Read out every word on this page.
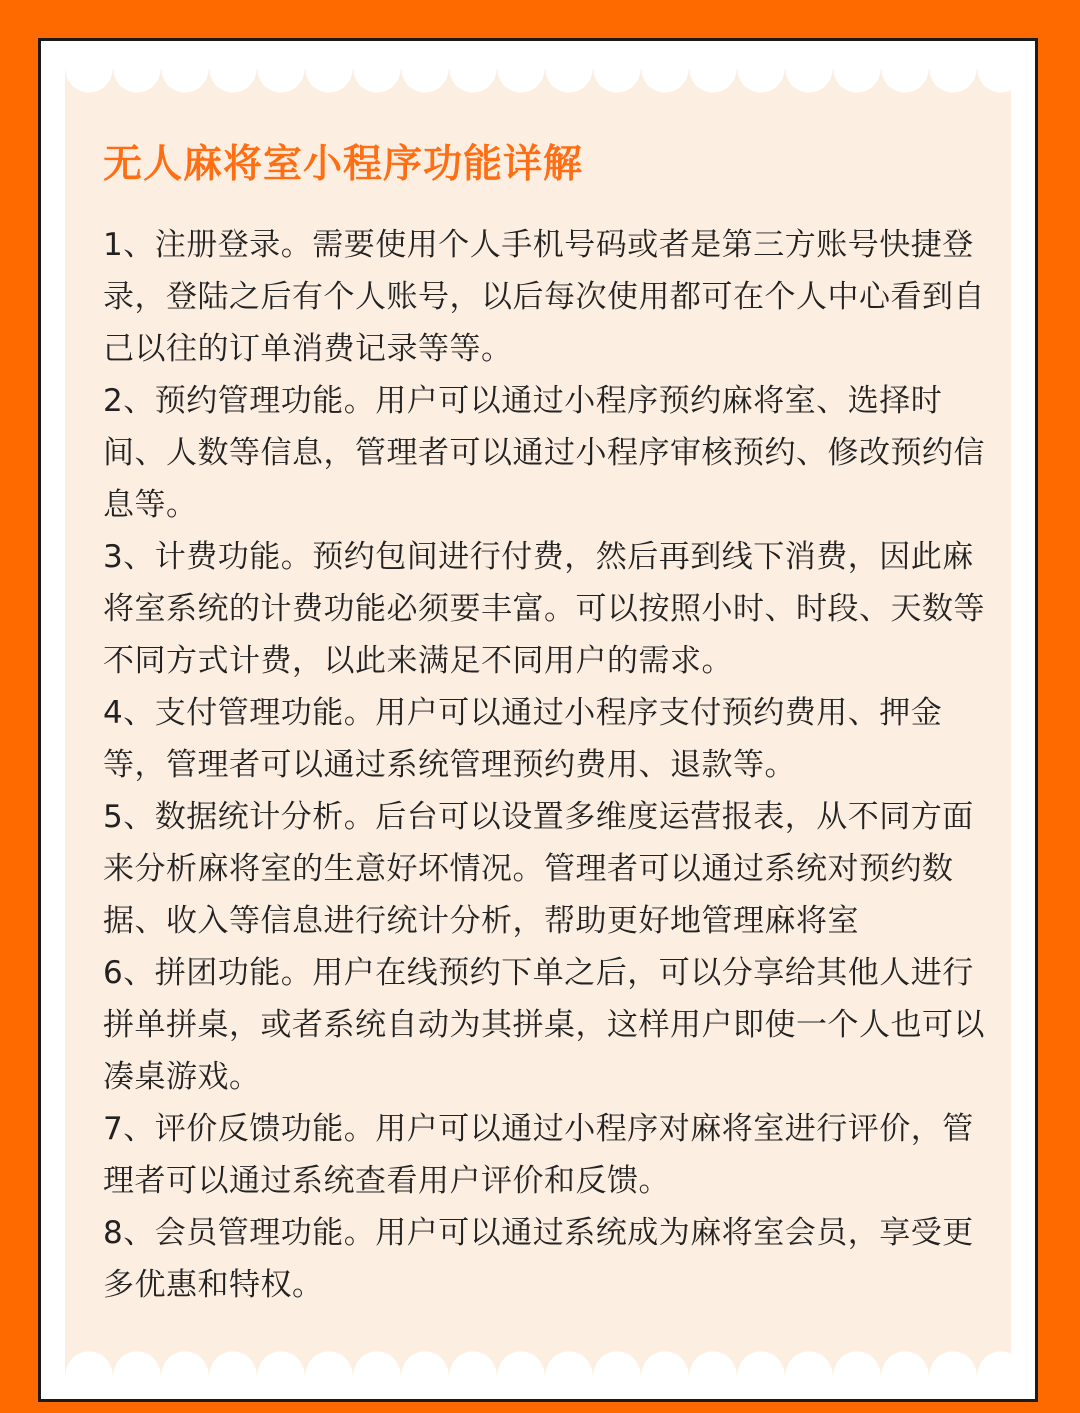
无人麻将室小程序功能详解

1、注册登录。需要使用个人手机号码或者是第三方账号快捷登录，登陆之后有个人账号，以后每次使用都可在个人中心看到自己以往的订单消费记录等等。

2、预约管理功能。用户可以通过小程序预约麻将室、选择时间、人数等信息，管理者可以通过小程序审核预约、修改预约信息等。

3、计费功能。预约包间进行付费，然后再到线下消费，因此麻将室系统的计费功能必须要丰富。可以按照小时、时段、天数等不同方式计费，以此来满足不同用户的需求。

4、支付管理功能。用户可以通过小程序支付预约费用、押金等，管理者可以通过系统管理预约费用、退款等。

5、数据统计分析。后台可以设置多维度运营报表，从不同方面来分析麻将室的生意好坏情况。管理者可以通过系统对预约数据、收入等信息进行统计分析，帮助更好地管理麻将室

6、拼团功能。用户在线预约下单之后，可以分享给其他人进行拼单拼桌，或者系统自动为其拼桌，这样用户即使一个人也可以凑桌游戏。

7、评价反馈功能。用户可以通过小程序对麻将室进行评价，管理者可以通过系统查看用户评价和反馈。

8、会员管理功能。用户可以通过系统成为麻将室会员，享受更多优惠和特权。
